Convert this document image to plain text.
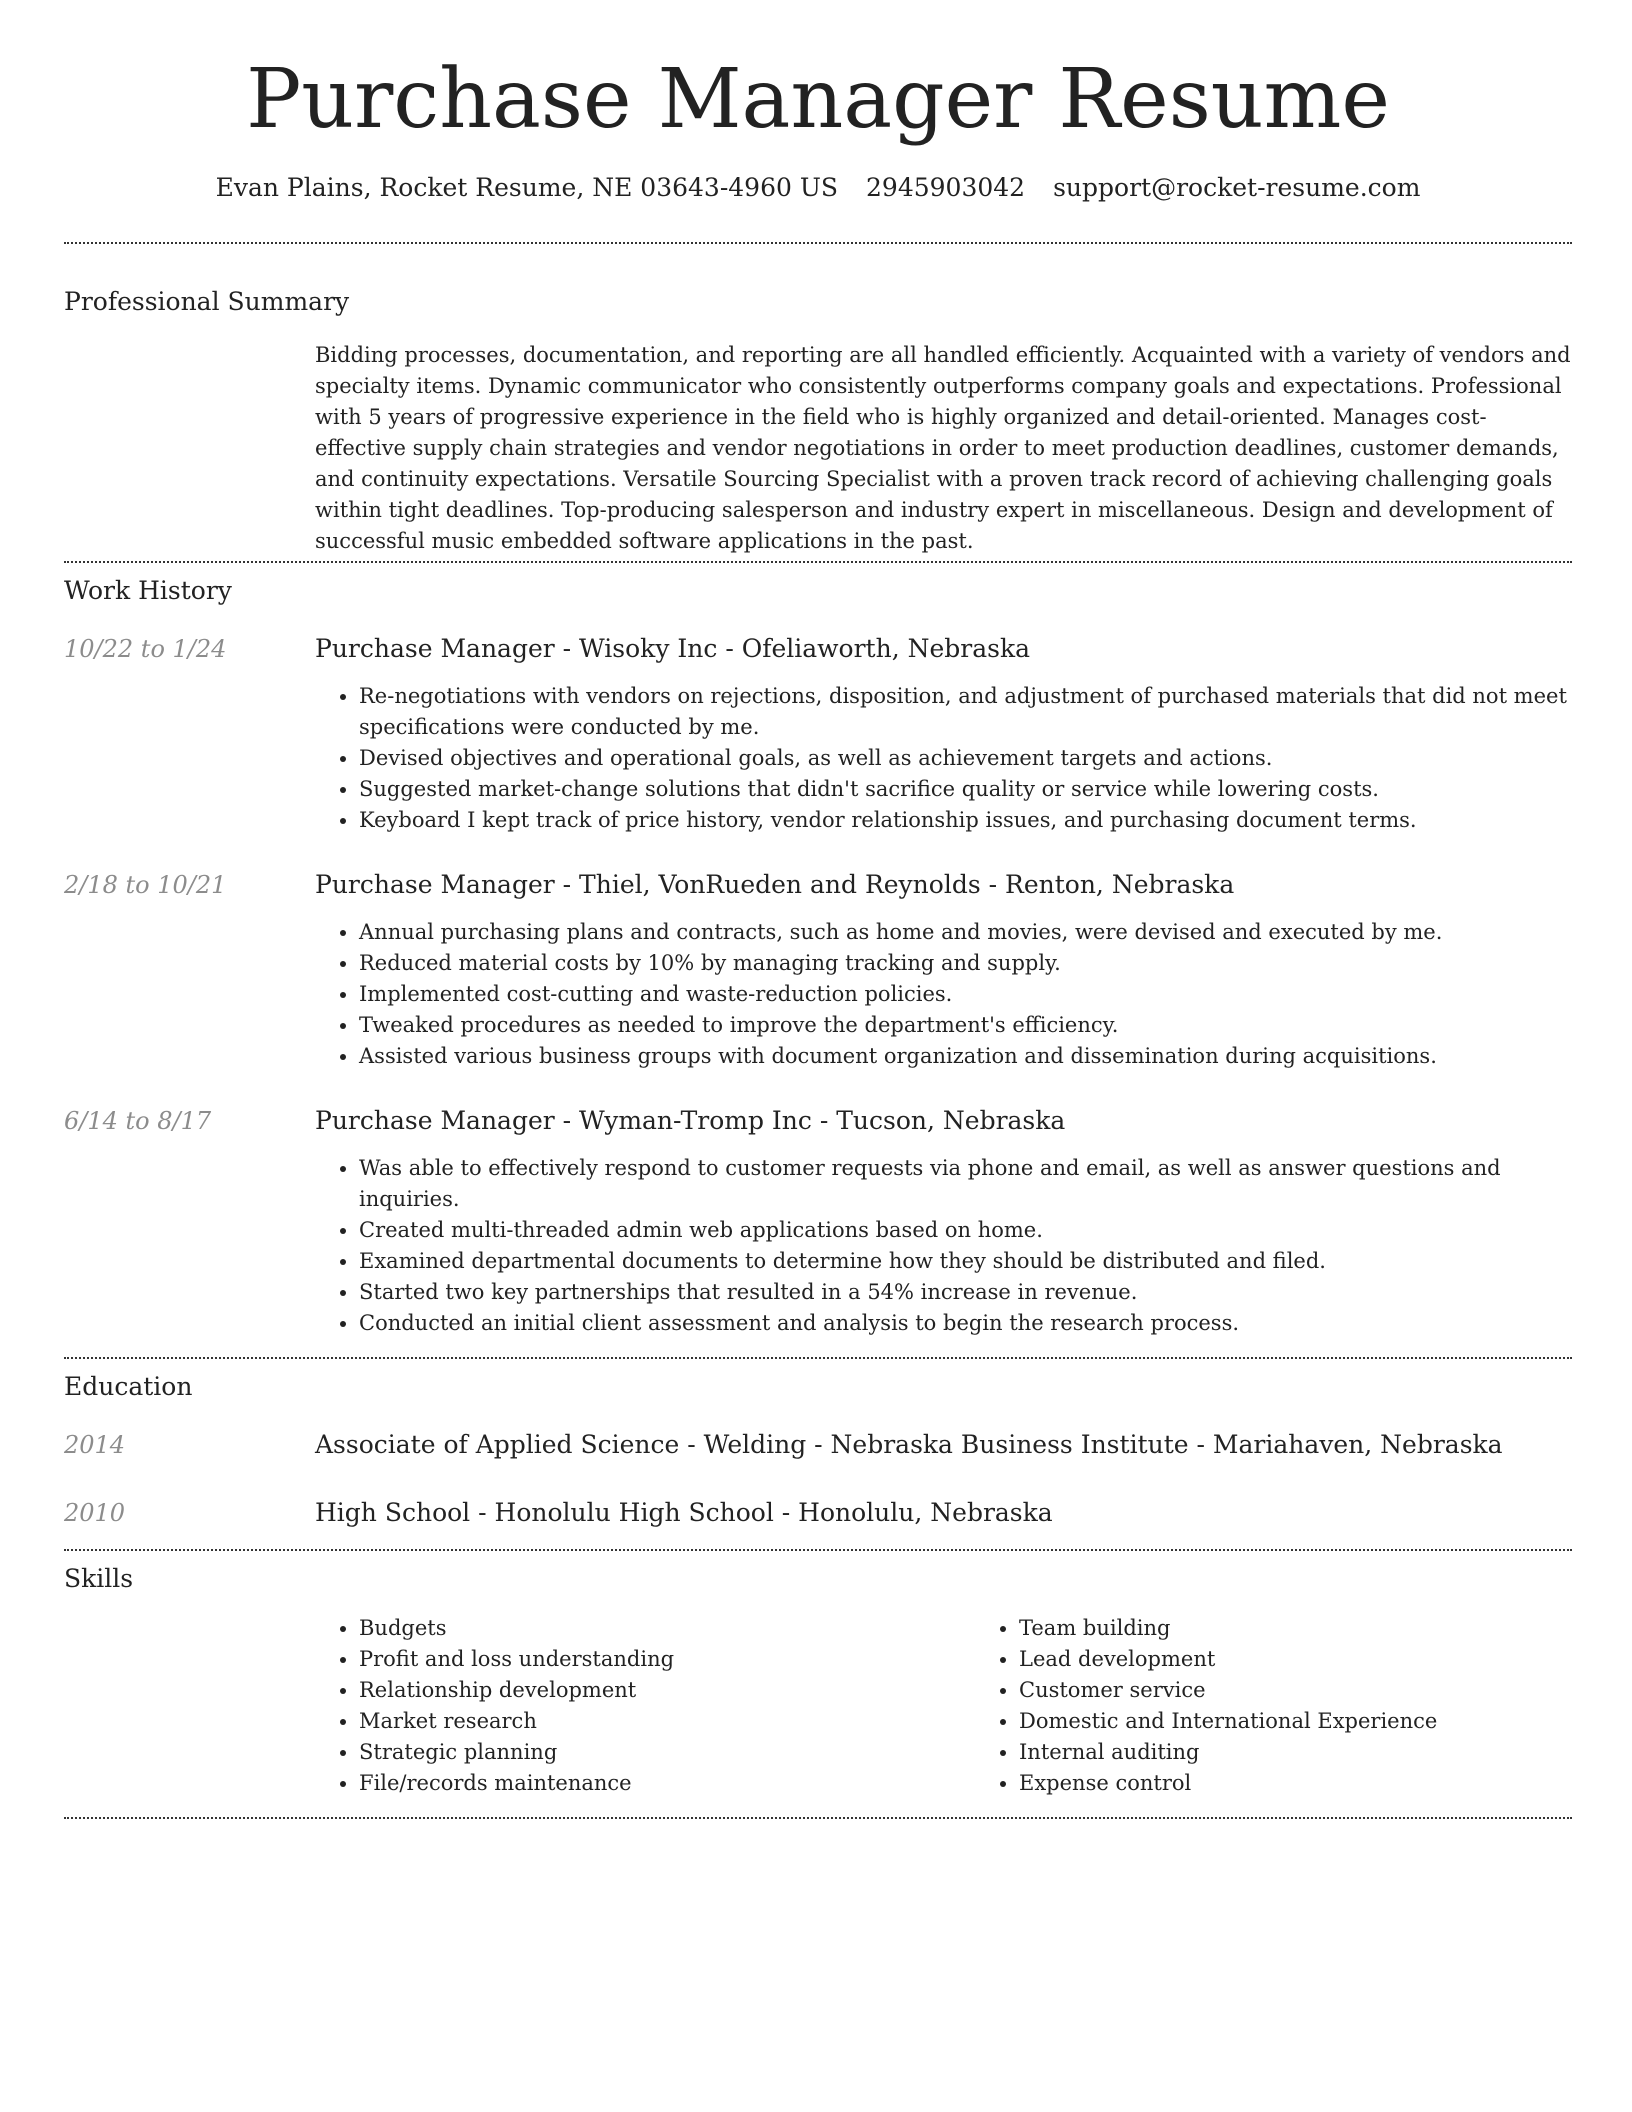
Purchase Manager Resume
Evan Plains, Rocket Resume, NE 03643-4960 US 2945903042 support@rocket-resume.com
Professional Summary
Bidding processes, documentation, and reporting are all handled efficiently. Acquainted with a variety of vendors and specialty items. Dynamic communicator who consistently outperforms company goals and expectations. Professional with 5 years of progressive experience in the field who is highly organized and detail-oriented. Manages cost-effective supply chain strategies and vendor negotiations in order to meet production deadlines, customer demands, and continuity expectations. Versatile Sourcing Specialist with a proven track record of achieving challenging goals within tight deadlines. Top-producing salesperson and industry expert in miscellaneous. Design and development of successful music embedded software applications in the past.
Work History
10/22 to 1/24	Purchase Manager - Wisoky Inc - Ofeliaworth, Nebraska
• Re-negotiations with vendors on rejections, disposition, and adjustment of purchased materials that did not meet specifications were conducted by me.
• Devised objectives and operational goals, as well as achievement targets and actions.
• Suggested market-change solutions that didn't sacrifice quality or service while lowering costs.
• Keyboard I kept track of price history, vendor relationship issues, and purchasing document terms.
2/18 to 10/21	Purchase Manager - Thiel, VonRueden and Reynolds - Renton, Nebraska
• Annual purchasing plans and contracts, such as home and movies, were devised and executed by me.
• Reduced material costs by 10% by managing tracking and supply.
• Implemented cost-cutting and waste-reduction policies.
• Tweaked procedures as needed to improve the department's efficiency.
• Assisted various business groups with document organization and dissemination during acquisitions.
6/14 to 8/17	Purchase Manager - Wyman-Tromp Inc - Tucson, Nebraska
• Was able to effectively respond to customer requests via phone and email, as well as answer questions and inquiries.
• Created multi-threaded admin web applications based on home.
• Examined departmental documents to determine how they should be distributed and filed.
• Started two key partnerships that resulted in a 54% increase in revenue.
• Conducted an initial client assessment and analysis to begin the research process.
Education
2014	Associate of Applied Science - Welding - Nebraska Business Institute - Mariahaven, Nebraska
2010	High School - Honolulu High School - Honolulu, Nebraska
Skills
• Budgets
• Profit and loss understanding
• Relationship development
• Market research
• Strategic planning
• File/records maintenance
• Team building
• Lead development
• Customer service
• Domestic and International Experience
• Internal auditing
• Expense control
